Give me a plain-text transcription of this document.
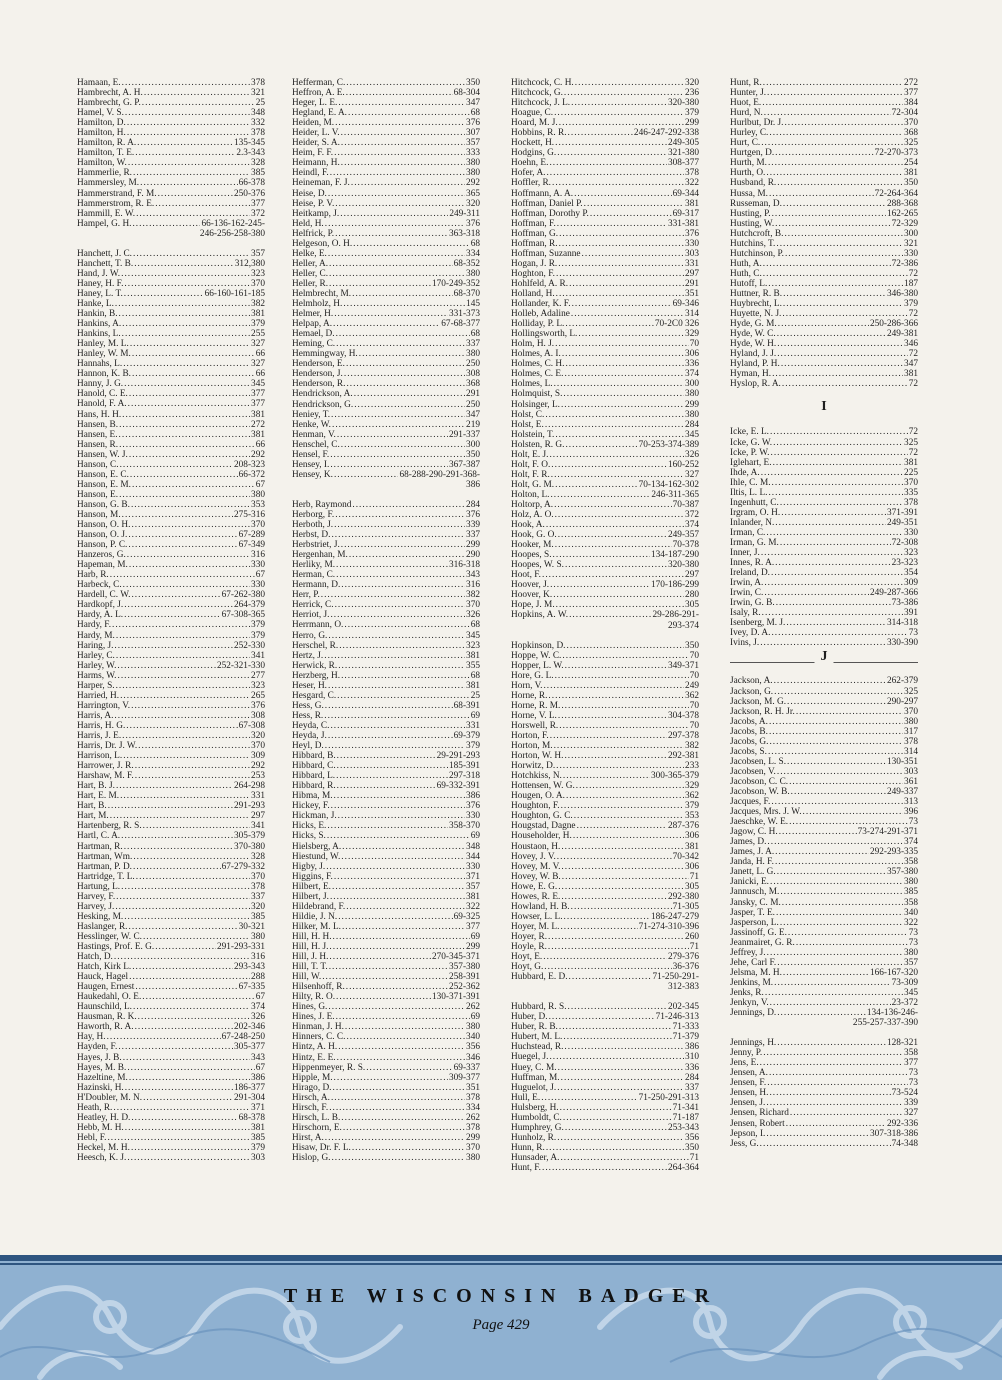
Hamaan, E. .....	378
Hambrecht, A. H. .....	321
Hambrecht, G. P. .....	25
Hamel, V. S. .....	348
Hamilton, D. .....	332
Hamilton, H. .....	378
Hamilton, R. A. .....	135-345
Hamilton, T. E. .....	2.3-343
Hamilton, W. .....	328
Hammerlie, R. .....	385
Hammersley, M. .....	66-378
Hammerstrand, F. M. .....	250-376
Hammerstrom, R. E. .....	377
Hammill, E. W. .....	372
Hampel, G. H. .....	66-136-162-245-
246-256-258-380
Hanchett, J. C. .....	357
Hanchett, T. B. .....	312,380
Hand, J. W. .....	323
Haney, H. F. .....	370
Haney, L. T. .....	66-160-161-185
Hanke, L. .....	382
Hankin, B. .....	381
Hankins, A. .....	379
Hankins, L. .....	255
Hanley, M. L. .....	327
Hanley, W. M. .....	66
Hannahs, L. .....	327
Hannon, K. B. .....	66
Hanny, J. G. .....	345
Hanold, C. E. .....	377
Hanold, F. A. .....	377
Hans, H. H. .....	381
Hansen, B. .....	272
Hansen, E. .....	381
Hansen, R. .....	66
Hansen, W. J. .....	292
Hanson, C. .....	208-323
Hanson, E. C. .....	66-372
Hanson, E. M. .....	67
Hanson, E. .....	380
Hanson, G. B. .....	353
Hanson, M. .....	275-316
Hanson, O. H. .....	370
Hanson, O. J. .....	67-289
Hanson, P. C. .....	67-349
Hanzeros, G. .....	316
Hapeman, M. .....	330
Harb, R. .....	67
Harbeck, C. .....	330
Hardell, C. W. .....	67-262-380
Hardkopf, J. .....	264-379
Hardy, A. L. .....	67-308-365
Hardy, F. .....	379
Hardy, M. .....	379
Haring, J. .....	252-330
Harley, C. .....	341
Harley, W. .....	252-321-330
Harms, W. .....	277
Harper, S. .....	323
Harried, H. .....	265
Harrington, V. .....	376
Harris, A. .....	308
Harris, H. G. .....	67-308
Harris, J. E. .....	320
Harris, Dr. J. W. .....	370
Harrison, L. .....	309
Harrower, J. R. .....	292
Harshaw, M. F. .....	253
Hart, B. J. .....	264-298
Hart, E. M. .....	331
Hart, B. .....	291-293
Hart, M. .....	297
Hartenberg, R. S. .....	341
Hartl, C. A. .....	305-379
Hartman, R. .....	370-380
Hartman, Wm. .....	328
Hartman, P. D. .....	67-279-332
Hartridge, T. L. .....	370
Hartung, L. .....	378
Harvey, F. .....	337
Harvey, J. .....	320
Hesking, M. .....	385
Haslanger, R. .....	30-321
Hesslinger, W. C. .....	380
Hastings, Prof. E. G. .....	291-293-331
Hatch, D. .....	316
Hatch, Kirk L. .....	293-343
Hauck, Hagel .....	288
Haugen, Ernest .....	67-335
Haukedahl, O. E. .....	67
Haunschild, L. .....	374
Hausman, R. K. .....	326
Haworth, R. A. .....	202-346
Hay, H. .....	67-248-250
Hayden, F. .....	305-377
Hayes, J. B. .....	343
Hayes, M. B. .....	67
Hazeltine, M. .....	386
Hazinski, H. .....	186-377
H'Doubler, M. N. .....	291-304
Heath, R. .....	371
Heatley, H. D. .....	68-378
Hebb, M. H. .....	381
Hebl, F. .....	385
Heckel, M. H. .....	379
Heesch, K. J. .....	303
Hefferman, C. .....	350
Heffron, A. E. .....	68-304
Heger, L. E. .....	347
Hegland, E. A. .....	68
Heiden, M. .....	376
Heider, L. V. .....	307
Heider, S. A. .....	357
Heim, F. F. .....	333
Heimann, H. .....	380
Heindl, F. .....	380
Heineman, F. J. .....	292
Heise, D. .....	365
Heise, P. V. .....	320
Heitkamp, J. .....	249-311
Held, H. .....	376
Helfrick, P. .....	363-318
Helgeson, O. H. .....	68
Helke, E. .....	334
Heller, A. .....	68-352
Heller, C. .....	380
Heller, R. .....	170-249-352
Helmbrecht, M. .....	68-370
Helmholz, H. .....	145
Helmer, H. .....	331-373
Helpap, A. .....	67-68-377
Hemael, D. .....	68
Heming, C. .....	337
Hemmingway, H. .....	380
Henderson, E. .....	250
Henderson, J. .....	308
Henderson, R. .....	368
Hendrickson, A. .....	291
Hendrickson, G. .....	250
Heniey, T. .....	347
Henke, W. .....	219
Henman, V. .....	291-337
Henschel, C. .....	300
Hensel, F. .....	350
Hensey, I. .....	367-387
Hensey, K. .....	68-288-290-291-368-
386
Herb, Raymond .....	284
Herborg, F. .....	376
Herboth, J. .....	339
Herbst, D. .....	337
Herbstriet, J. .....	299
Hergenhan, M. .....	290
Herliky, M. .....	316-318
Herman, C. .....	343
Hermann, D. .....	316
Herr, P. .....	382
Herrick, C. .....	370
Herriot, J. .....	326
Herrmann, O. .....	68
Herro, G. .....	345
Herschel, R. .....	323
Hertz, J. .....	381
Herwick, R. .....	355
Herzberg, H. .....	68
Heser, H. .....	381
Hesgard, C. .....	25
Hess, G. .....	68-391
Hess, R. .....	69
Heyda, C. .....	331
Heyda, J. .....	69-379
Heyl, D. .....	379
Hibbard, B. .....	29-291-293
Hibbard, C. .....	185-391
Hibbard, L. .....	297-318
Hibbard, R. .....	69-332-391
Hibma, M. .....	386
Hickey, F. .....	376
Hickman, J. .....	330
Hicks, E. .....	358-370
Hicks, S. .....	69
Hielsberg, A. .....	348
Hiestund, W. .....	344
Higby, J. .....	330
Higgins, F. .....	371
Hilbert, E. .....	357
Hilbert, J. .....	381
Hildebrand, F. .....	322
Hildie, J. N. .....	69-325
Hilker, M. L. .....	377
Hill, H. H. .....	69
Hill, H. J. .....	299
Hill, J. H. .....	270-345-371
Hill, T. T. .....	357-380
Hill, W. .....	258-391
Hilsenhoff, R. .....	252-362
Hilty, R. O. .....	130-371-391
Hines, G. .....	262
Hines, J. E. .....	69
Hinman, J. H. .....	380
Hinners, C. C. .....	340
Hintz, A. H. .....	356
Hintz, E. E. .....	346
Hippenmeyer, R. S. .....	69-337
Hipple, M. .....	309-377
Hirago, D. .....	351
Hirsch, A. .....	378
Hirsch, F. .....	334
Hirsch, L. B. .....	262
Hirschorn, E. .....	378
Hirst, A. .....	299
Hisaw, Dr. F. L. .....	370
Hislop, G. .....	380
Hitchcock, C. H. .....	320
Hitchcock, G. .....	236
Hitchcock, J. L. .....	320-380
Hoague, C. .....	379
Hoard, M. J. .....	299
Hobbins, R. R. .....	246-247-292-338
Hockett, H. .....	249-305
Hodgins, G. .....	321-380
Hoehn, E. .....	308-377
Hofer, A. .....	378
Hoffler, R. .....	322
Hoffmann, A. A. .....	69-344
Hoffman, Daniel P. .....	381
Hoffman, Dorothy P. .....	69-317
Hoffman, F. .....	331-381
Hoffman, G. .....	376
Hoffman, R. .....	330
Hoffman, Suzanne .....	303
Hogan, J. R. .....	331
Hoghton, F. .....	297
Hohlfeld, A. R. .....	291
Holland, H. .....	351
Hollander, K. F. .....	69-346
Holleb, Adaline .....	314
Holliday, P. L. .....	70-2C0 326
Hollingsworth, L. .....	329
Holm, H. J. .....	70
Holmes, A. I. .....	306
Holmes, C. H. .....	336
Holmes, C. E. .....	374
Holmes, L. .....	300
Holmquist, S. .....	380
Holsinger, L. .....	299
Holst, C. .....	380
Holst, E. .....	284
Holstein, T. .....	345
Holsten, R. G. .....	70-253-374-389
Holt, E. J. .....	326
Holt, F. O. .....	160-252
Holt, F. R. .....	327
Holt, G. M. .....	70-134-162-302
Holton, L. .....	246-311-365
Holtorp, A. .....	70-387
Holz, A. O. .....	372
Hook, A. .....	374
Hook, G. O. .....	249-357
Hooker, M. .....	70-378
Hoopes, S. .....	134-187-290
Hoopes, W. S. .....	320-380
Hoot, F. .....	297
Hoover, J. .....	170-186-299
Hoover, K. .....	280
Hope, J. M. .....	305
Hopkins, A. W. .....	29-286-291-
293-374
Hopkinson, D. .....	350
Hoppe, W. C. .....	70
Hopper, L. W. .....	349-371
Hore, G. L. .....	70
Horn, V. .....	249
Horne, R. .....	362
Horne, R. M. .....	70
Horne, V. L. .....	304-378
Horswell, R. .....	70
Horton, F. .....	297-378
Horton, M. .....	382
Horton, W. H. .....	292-381
Horwitz, D. .....	233
Hotchkiss, N. .....	300-365-379
Hottensen, W. G. .....	329
Hougen, O. A. .....	362
Houghton, F. .....	379
Houghton, G. C. .....	353
Hougstad, Dagne .....	287-376
Householder, H. .....	306
Houstaon, H. .....	381
Hovey, J. V. .....	70-342
Hovey, M. V. .....	306
Hovey, W. B. .....	71
Howe, E. G. .....	305
Howes, R. E. .....	292-380
Howland, H. B. .....	71-305
Howser, L. L. .....	186-247-279
Hoyer, M. L. .....	71-274-310-396
Hoyer, R. .....	260
Hoyle, R. .....	71
Hoyt, E. .....	279-376
Hoyt, G. .....	36-376
Hubbard, E. D. .....	71-250-291-
312-383
Hubbard, R. S. .....	202-345
Huber, D. .....	71-246-313
Huber, R. B. .....	71-333
Hubert, M. L. .....	71-379
Huchstead, R. .....	386
Huegel, J. .....	310
Huey, C. M. .....	336
Huffman, M. .....	284
Huguelot, J. .....	337
Hull, E. .....	71-250-291-313
Hulsberg, H. .....	71-341
Humboldt, C. .....	71-187
Humphrey, G. .....	253-343
Hunholz, R. .....	356
Hunn, R. .....	350
Hunsader, A. .....	71
Hunt, F. .....	264-364
Hunt, R. .....	272
Hunter, J. .....	377
Huot, E. .....	384
Hurd, N. .....	72-304
Hurlbut, Dr. J. .....	370
Hurley, C. .....	368
Hurt, C. .....	325
Hurtgen, D. .....	72-270-373
Hurth, M. .....	254
Hurth, O. .....	381
Husband, R. .....	350
Hussa, M. .....	72-264-364
Russeman, D. .....	288-368
Husting, P. .....	162-265
Husting, W. .....	72-329
Hutchcroft, B. .....	300
Hutchins, T. .....	321
Hutchinson, P. .....	330
Huth, A. .....	72-386
Huth, C. .....	72
Hutoff, L. .....	187
Huttner, R. B. .....	346-380
Huybrecht, L. .....	379
Huyette, N. J. .....	72
Hyde, G. M. .....	250-286-366
Hyde, W. C. .....	249-381
Hyde, W. H. .....	346
Hyland, J. J. .....	72
Hyland, P. H. .....	347
Hyman, H. .....	381
Hyslop, R. A. .....	72
I
Icke, E. L. .....	72
Icke, G. W. .....	325
Icke, P. W. .....	72
Iglehart, E. .....	381
Ihde, A. .....	225
Ihle, C. M. .....	370
Iltis, L. L. .....	335
Ingenhutt, C. .....	378
Irgram, O. H. .....	371-391
Inlander, N. .....	249-351
Irman, C. .....	330
Irman, G. M. .....	72-308
Inner, J. .....	323
Innes, R. A. .....	23-323
Ireland, D. .....	354
Irwin, A. .....	309
Irwin, C. .....	249-287-366
Irwin, G. B. .....	73-386
Isaly, R. .....	391
Isenberg, M. J. .....	314-318
Ivey, D. A. .....	73
Ivins, J. .....	330-390
J
Jackson, A. .....	262-379
Jackson, G. .....	325
Jackson, M. G. .....	290-297
Jackson, R. H. Jr. .....	370
Jacobs, A. .....	380
Jacobs, B. .....	317
Jacobs, G. .....	378
Jacobs, S. .....	314
Jacobsen, L. S. .....	130-351
Jacobsen, V. .....	303
Jacobson, C. C. .....	361
Jacobson, W. B. .....	249-337
Jacques, F. .....	313
Jacques, Mrs. J. W. .....	396
Jaeschke, W. E. .....	73
Jagow, C. H. .....	73-274-291-371
James, D. .....	374
James, J. A. .....	292-293-335
Janda, H. F. .....	358
Janett, L. G. .....	357-380
Janicki, E. .....	380
Jannusch, M. .....	385
Jansky, C. M. .....	358
Jasper, T. E. .....	340
Jasperson, L. .....	322
Jassinoff, G. E. .....	73
Jeanmairet, G. R. .....	73
Jeffrey, J. .....	380
Jehe, Carl F. .....	357
Jelsma, M. H. .....	166-167-320
Jenkins, M. .....	73-309
Jenks, R. .....	345
Jenkyn, V. .....	23-372
Jennings, D. .....	134-136-246-
255-257-337-390
Jennings, H. .....	128-321
Jenny, P. .....	358
Jens, E. .....	377
Jensen, A. .....	73
Jensen, F. .....	73
Jensen, H. .....	73-524
Jensen, J. .....	339
Jensen, Richard .....	327
Jensen, Robert .....	292-336
Jepson, I. .....	307-318-386
Jess, G. .....	74-348
THE WISCONSIN BADGER
Page 429
